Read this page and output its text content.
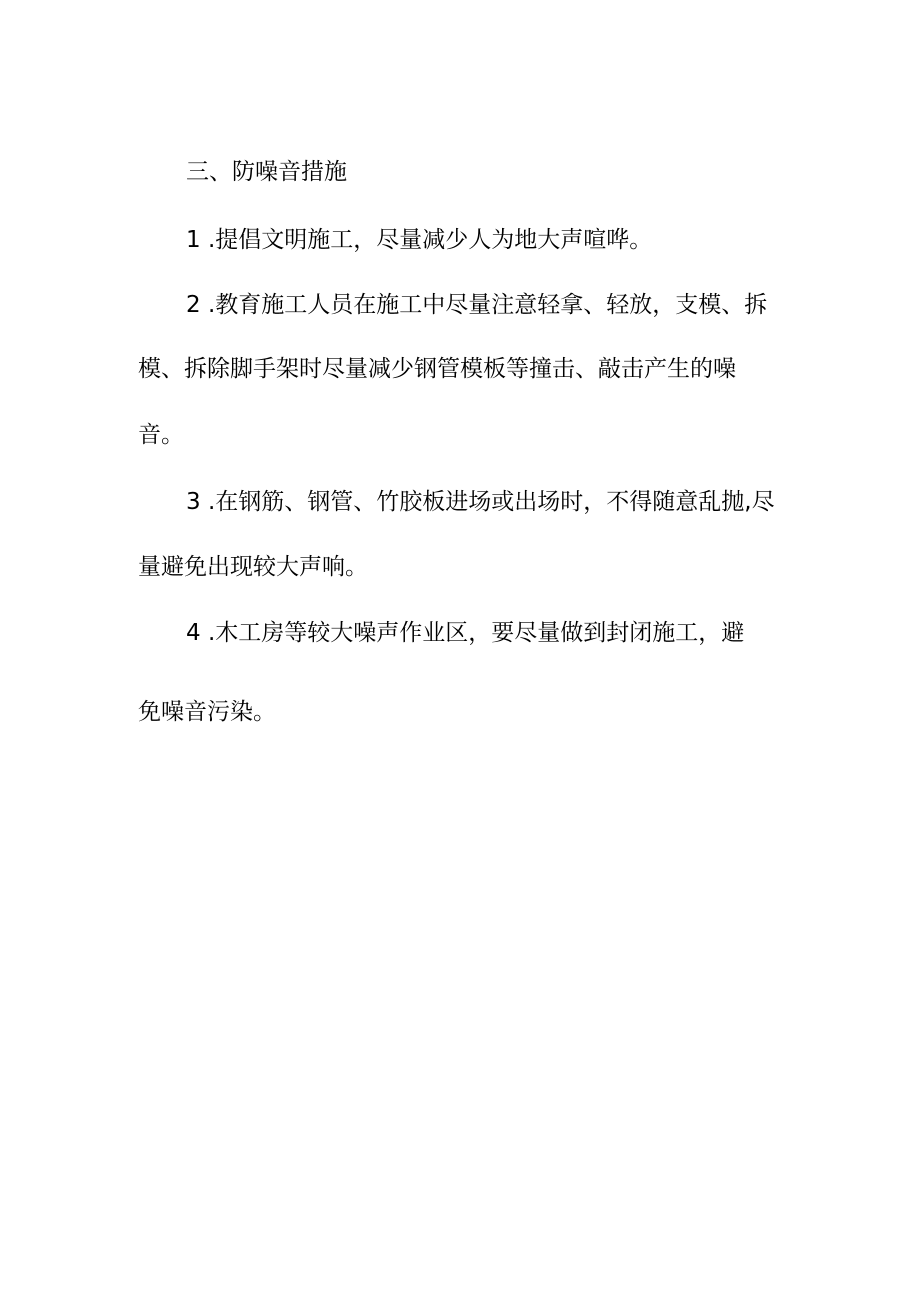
三、防噪音措施
1 .提倡文明施工，尽量减少人为地大声喧哗。
2 .教育施工人员在施工中尽量注意轻拿、轻放，支模、拆
模、拆除脚手架时尽量减少钢管模板等撞击、敲击产生的噪
音。
3 .在钢筋、钢管、竹胶板进场或出场时，不得随意乱抛,尽
量避免出现较大声响。
4 .木工房等较大噪声作业区，要尽量做到封闭施工，避
免噪音污染。
